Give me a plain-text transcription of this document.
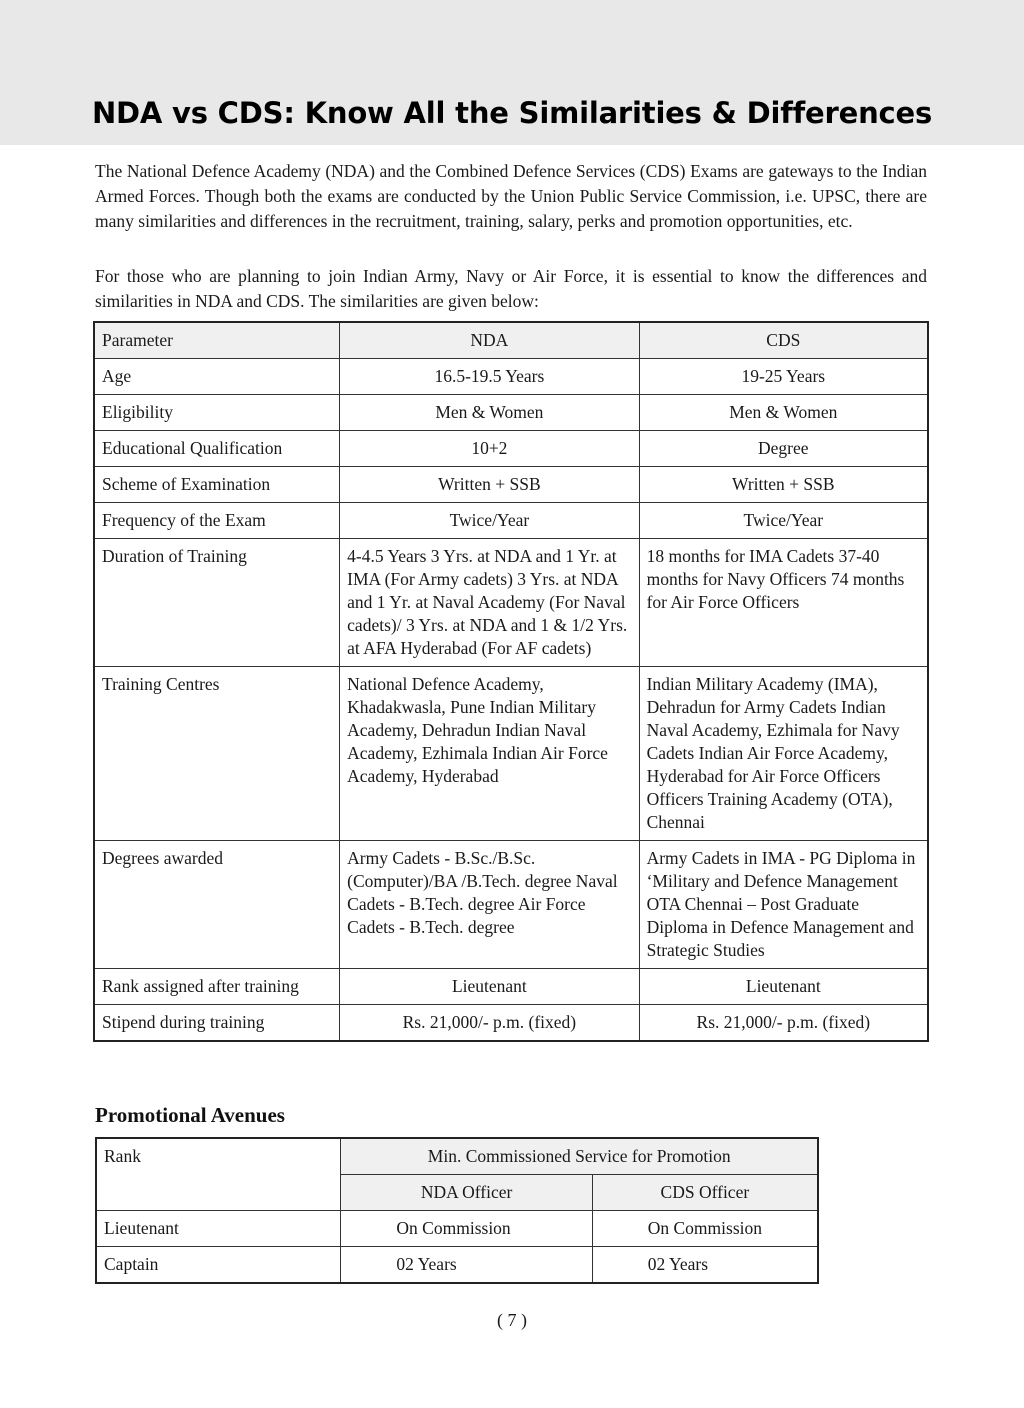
NDA vs CDS: Know All the Similarities & Differences

The National Defence Academy (NDA) and the Combined Defence Services (CDS) Exams are gateways to the Indian Armed Forces. Though both the exams are conducted by the Union Public Service Commission, i.e. UPSC, there are many similarities and differences in the recruitment, training, salary, perks and promotion opportunities, etc.

For those who are planning to join Indian Army, Navy or Air Force, it is essential to know the differences and similarities in NDA and CDS. The similarities are given below:

Parameter	NDA	CDS
Age	16.5-19.5 Years	19-25 Years
Eligibility	Men & Women	Men & Women
Educational Qualification	10+2	Degree
Scheme of Examination	Written + SSB	Written + SSB
Frequency of the Exam	Twice/Year	Twice/Year
Duration of Training	4-4.5 Years 3 Yrs. at NDA and 1 Yr. at IMA (For Army cadets) 3 Yrs. at NDA and 1 Yr. at Naval Academy (For Naval cadets)/ 3 Yrs. at NDA and 1 & 1/2 Yrs. at AFA Hyderabad (For AF cadets)	18 months for IMA Cadets 37-40 months for Navy Officers 74 months for Air Force Officers
Training Centres	National Defence Academy, Khadakwasla, Pune Indian Military Academy, Dehradun Indian Naval Academy, Ezhimala Indian Air Force Academy, Hyderabad	Indian Military Academy (IMA), Dehradun for Army Cadets Indian Naval Academy, Ezhimala for Navy Cadets Indian Air Force Academy, Hyderabad for Air Force Officers Officers Training Academy (OTA), Chennai
Degrees awarded	Army Cadets - B.Sc./B.Sc. (Computer)/BA /B.Tech. degree Naval Cadets - B.Tech. degree Air Force Cadets - B.Tech. degree	Army Cadets in IMA - PG Diploma in ‘Military and Defence Management OTA Chennai – Post Graduate Diploma in Defence Management and Strategic Studies
Rank assigned after training	Lieutenant	Lieutenant
Stipend during training	Rs. 21,000/- p.m. (fixed)	Rs. 21,000/- p.m. (fixed)
Promotional Avenues
Rank	Min. Commissioned Service for Promotion	
	NDA Officer	CDS Officer
Lieutenant	On Commission	On Commission
Captain	02 Years	02 Years

( 7 )
